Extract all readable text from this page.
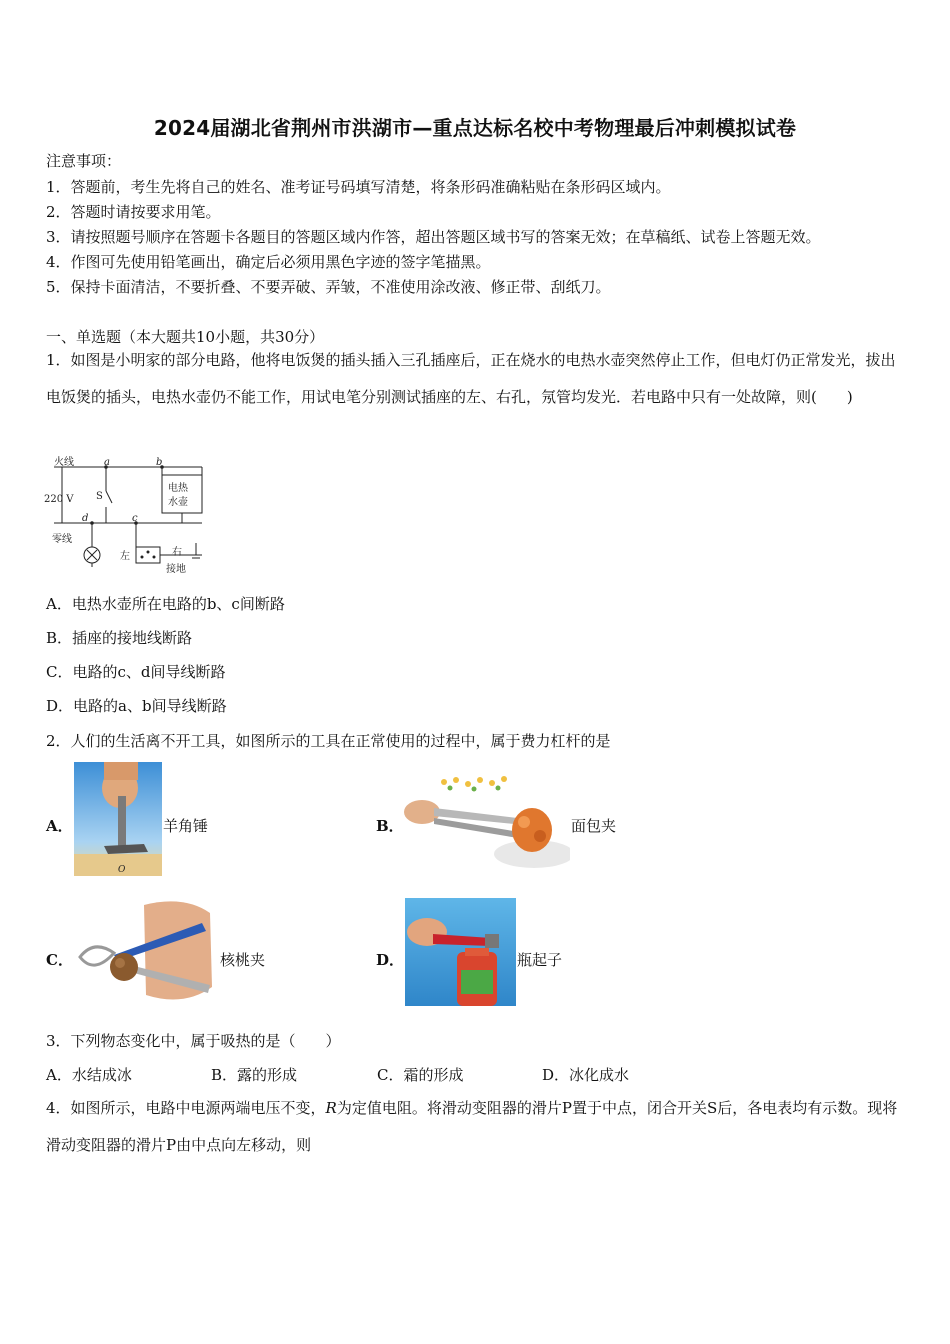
2024届湖北省荆州市洪湖市—重点达标名校中考物理最后冲刺模拟试卷
注意事项：
1．答题前，考生先将自己的姓名、准考证号码填写清楚，将条形码准确粘贴在条形码区域内。
2．答题时请按要求用笔。
3．请按照题号顺序在答题卡各题目的答题区域内作答，超出答题区域书写的答案无效；在草稿纸、试卷上答题无效。
4．作图可先使用铅笔画出，确定后必须用黑色字迹的签字笔描黑。
5．保持卡面清洁，不要折叠、不要弄破、弄皱，不准使用涂改液、修正带、刮纸刀。
一、单选题（本大题共10小题，共30分）
1．如图是小明家的部分电路，他将电饭煲的插头插入三孔插座后，正在烧水的电热水壶突然停止工作，但电灯仍正常发光，拔出电饭煲的插头，电热水壶仍不能工作，用试电笔分别测试插座的左、右孔，氖管均发光．若电路中只有一处故障，则(　　)
火线
220 V
零线
a	b
c
d
S
电热
水壶
左	右
接地
A．电热水壶所在电路的b、c间断路
B．插座的接地线断路
C．电路的c、d间导线断路
D．电路的a、b间导线断路
2．人们的生活离不开工具，如图所示的工具在正常使用的过程中，属于费力杠杆的是
A．
O
羊角锤	B．	面包夹
C．	核桃夹	D．	瓶起子
3．下列物态变化中，属于吸热的是（　　）
A．水结成冰	B．露的形成	C．霜的形成	D．冰化成水
4．如图所示，电路中电源两端电压不变，R为定值电阻。将滑动变阻器的滑片P置于中点，闭合开关S后，各电表均有示数。现将滑动变阻器的滑片P由中点向左移动，则
